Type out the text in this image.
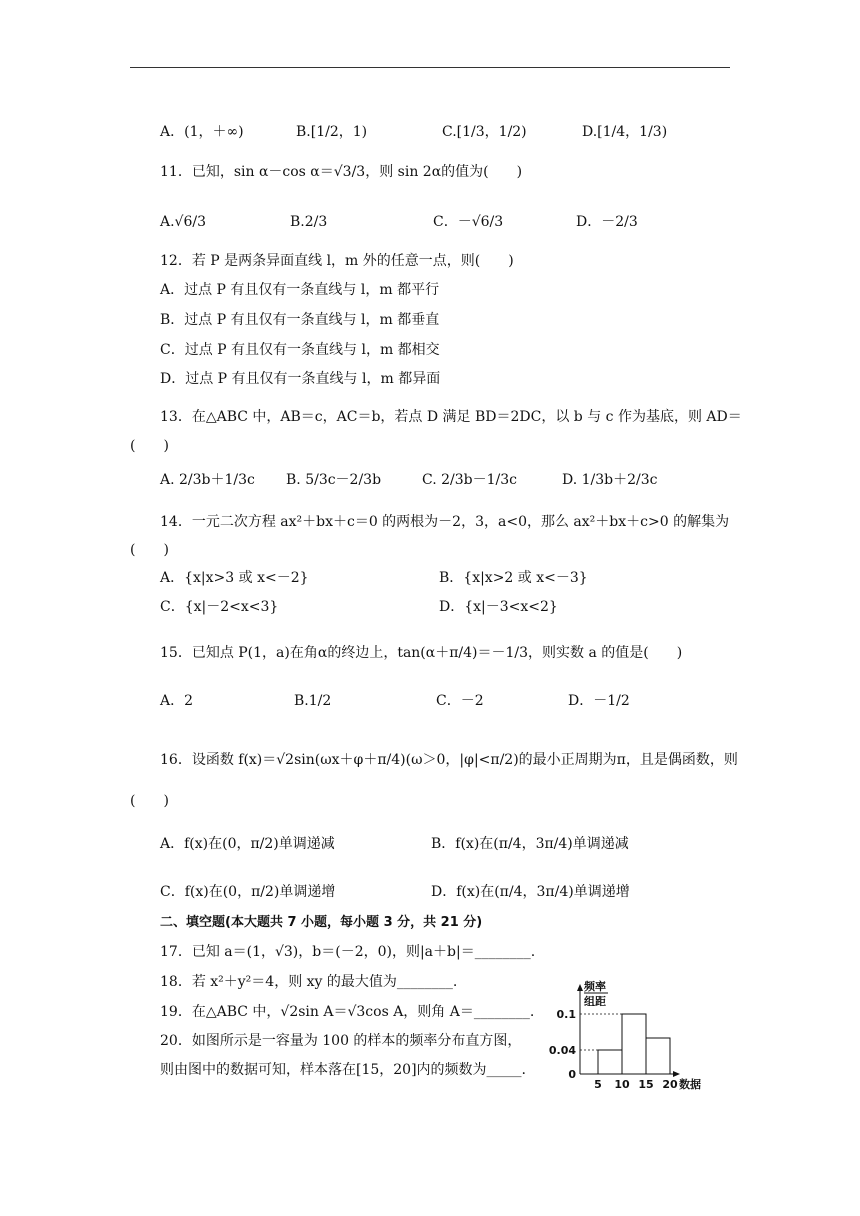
A．(1，＋∞)	B.[1/2，1)	C.[1/3，1/2)	D.[1/4，1/3)
11．已知，sin α－cos α＝√3/3，则 sin 2α的值为(　　)
A.√6/3	B.2/3	C．－√6/3	D．－2/3
12．若 P 是两条异面直线 l，m 外的任意一点，则(　　)
A．过点 P 有且仅有一条直线与 l，m 都平行
B．过点 P 有且仅有一条直线与 l，m 都垂直
C．过点 P 有且仅有一条直线与 l，m 都相交
D．过点 P 有且仅有一条直线与 l，m 都异面
13．在△ABC 中，AB＝c，AC＝b，若点 D 满足 BD＝2DC，以 b 与 c 作为基底，则 AD＝
(　　)
A. 2/3b＋1/3c B. 5/3c－2/3b	C. 2/3b－1/3c	D. 1/3b＋2/3c
14．一元二次方程 ax²＋bx＋c＝0 的两根为－2，3，a<0，那么 ax²＋bx＋c>0 的解集为
(　　)
A．{x|x>3 或 x<－2}	B．{x|x>2 或 x<－3}
C．{x|－2<x<3}	D．{x|－3<x<2}
15．已知点 P(1，a)在角α的终边上，tan(α＋π/4)＝－1/3，则实数 a 的值是(　　)
A．2	B.1/2	C．－2	D．－1/2
16．设函数 f(x)＝√2sin(ωx＋φ＋π/4)(ω＞0，|φ|<π/2)的最小正周期为π，且是偶函数，则
(　　)
A．f(x)在(0，π/2)单调递减	B．f(x)在(π/4，3π/4)单调递减
C．f(x)在(0，π/2)单调递增	D．f(x)在(π/4，3π/4)单调递增
二、填空题(本大题共 7 小题，每小题 3 分，共 21 分)
17．已知 a＝(1，√3)，b＝(－2，0)，则|a＋b|＝________.
18．若 x²＋y²＝4，则 xy 的最大值为________.
19．在△ABC 中，√2sin A＝√3cos A，则角 A＝________.
20．如图所示是一容量为 100 的样本的频率分布直方图，
则由图中的数据可知，样本落在[15，20]内的频数为_____.
频率
组距
数据
0.1
0.04
0
5 10 15 20
